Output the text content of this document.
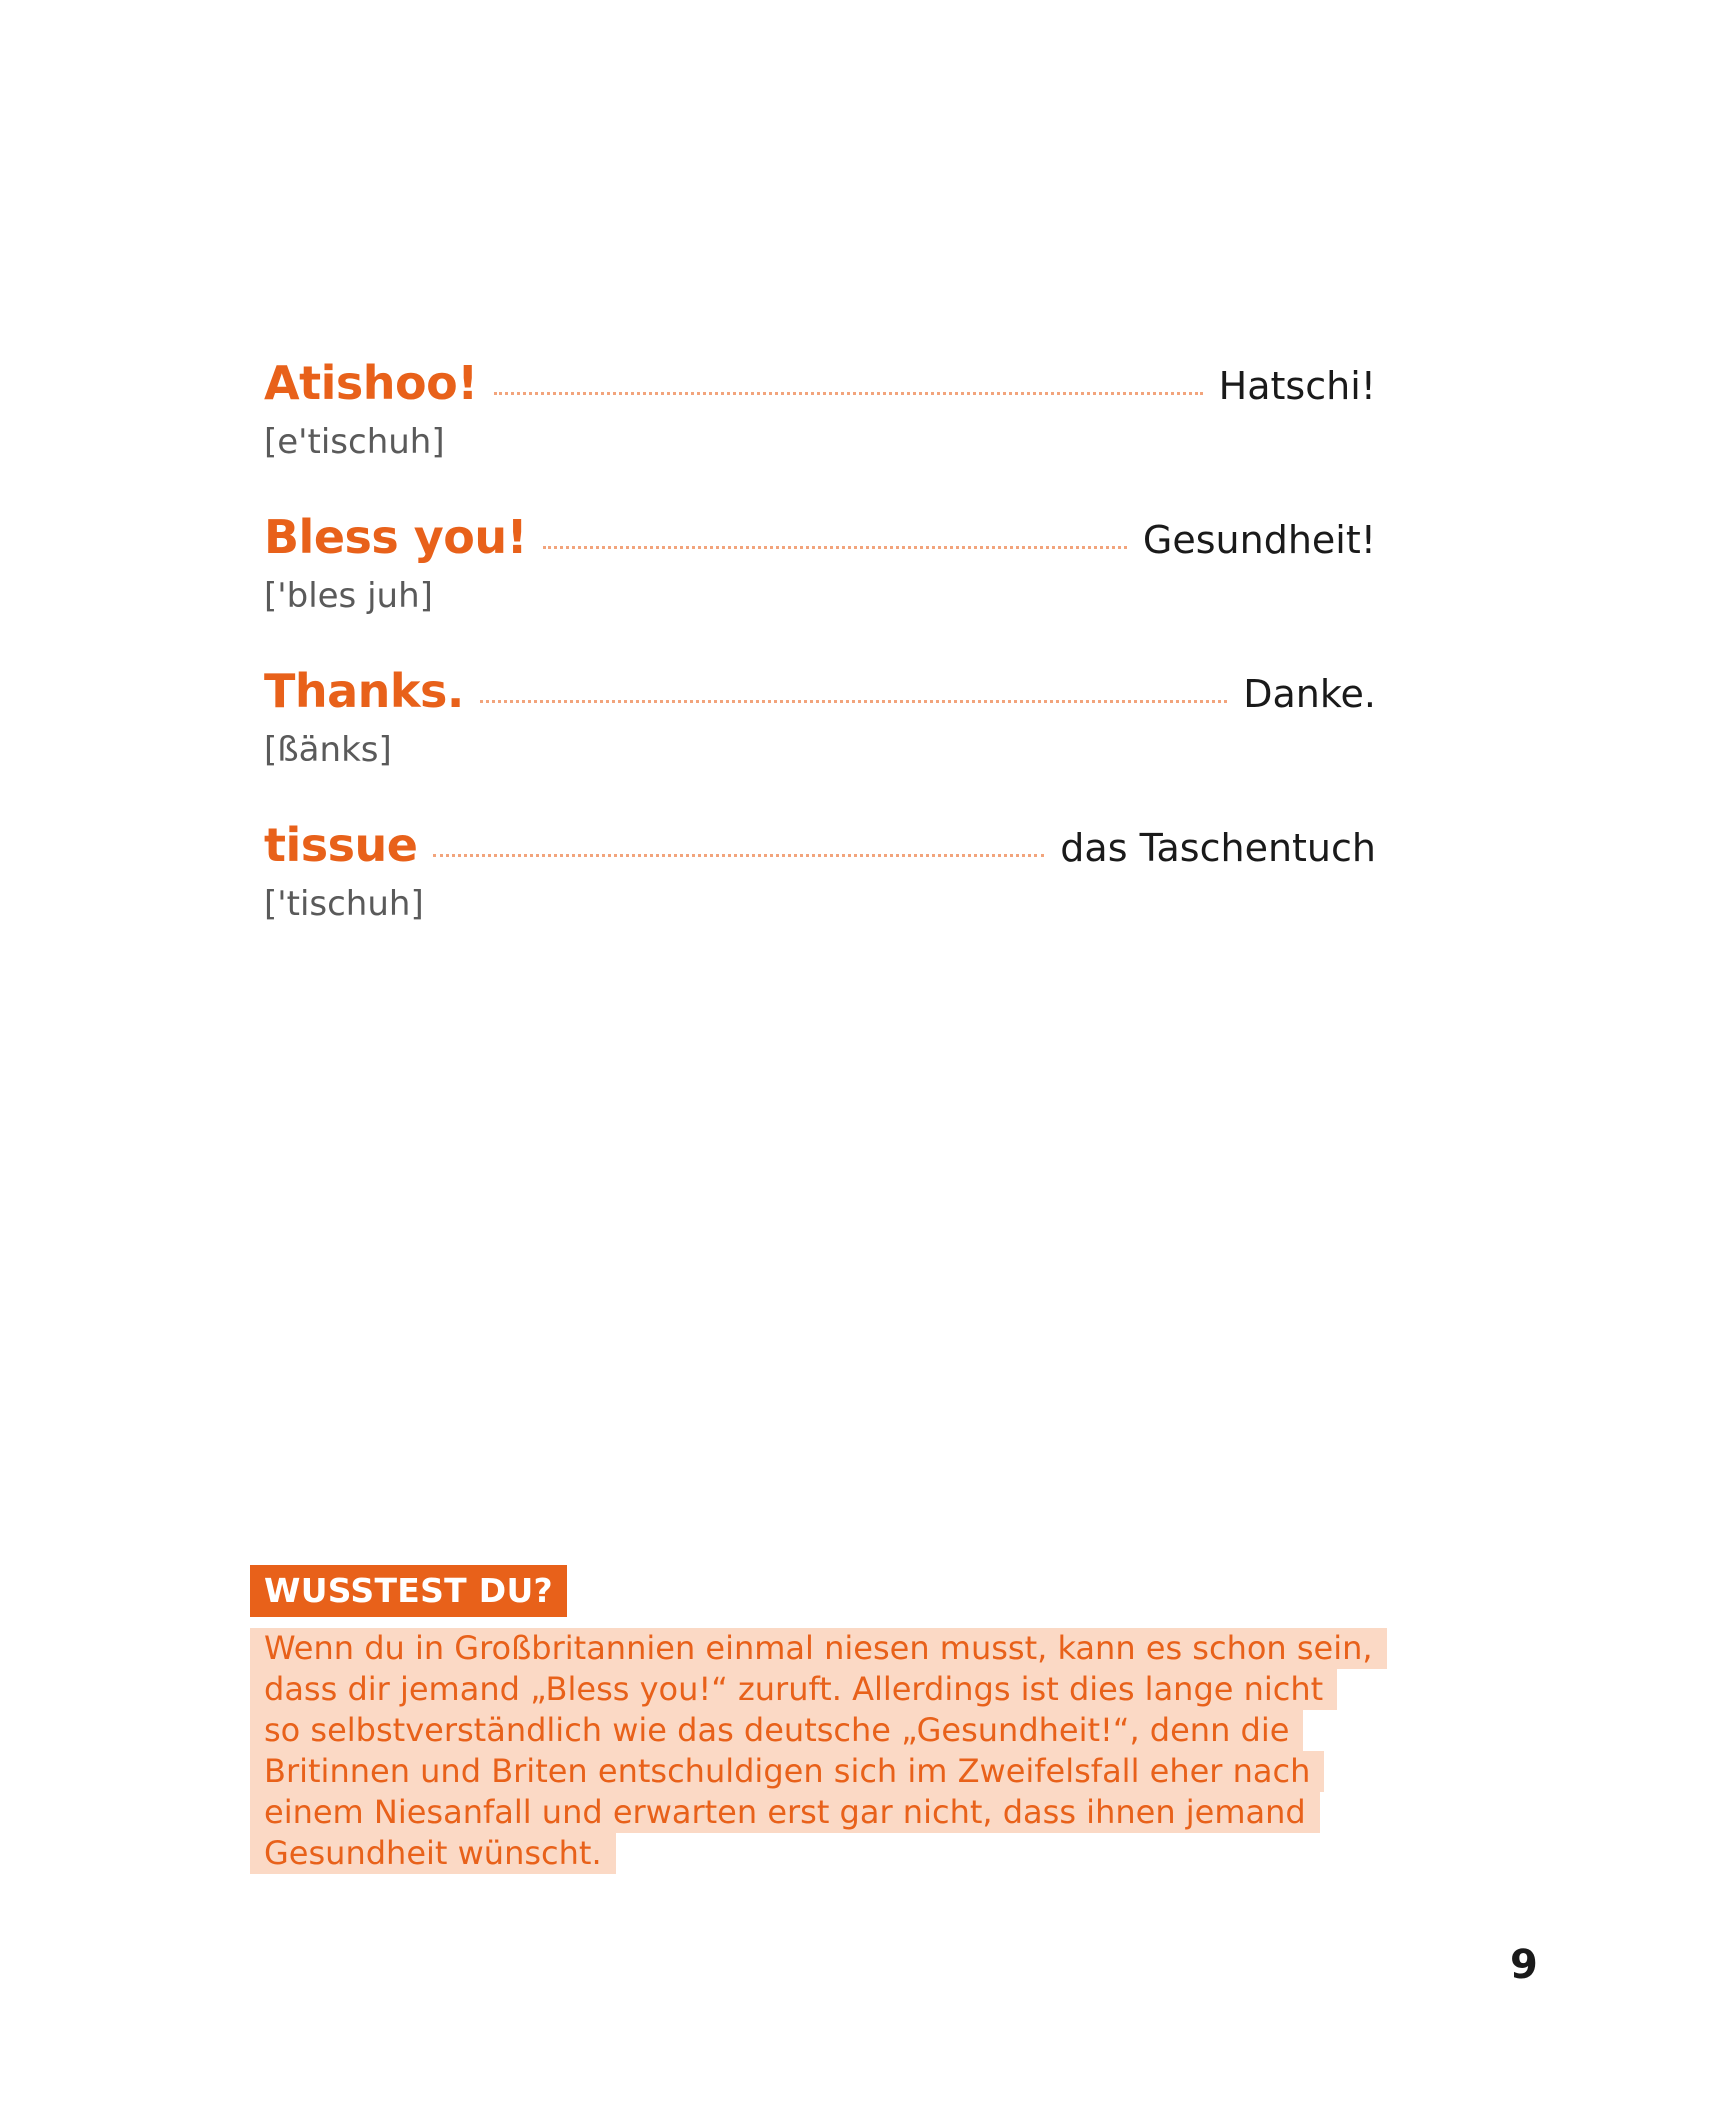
Atishoo!	Hatschi!
[e'tischuh]
Bless you!	Gesundheit!
['bles juh]
Thanks.	Danke.
[ßänks]
tissue	das Taschentuch
['tischuh]
WUSSTEST DU?
Wenn du in Großbritannien einmal niesen musst, kann es schon sein,
dass dir jemand „Bless you!“ zuruft. Allerdings ist dies lange nicht
so selbstverständlich wie das deutsche „Gesundheit!“, denn die
Britinnen und Briten entschuldigen sich im Zweifelsfall eher nach
einem Niesanfall und erwarten erst gar nicht, dass ihnen jemand
Gesundheit wünscht.
9
